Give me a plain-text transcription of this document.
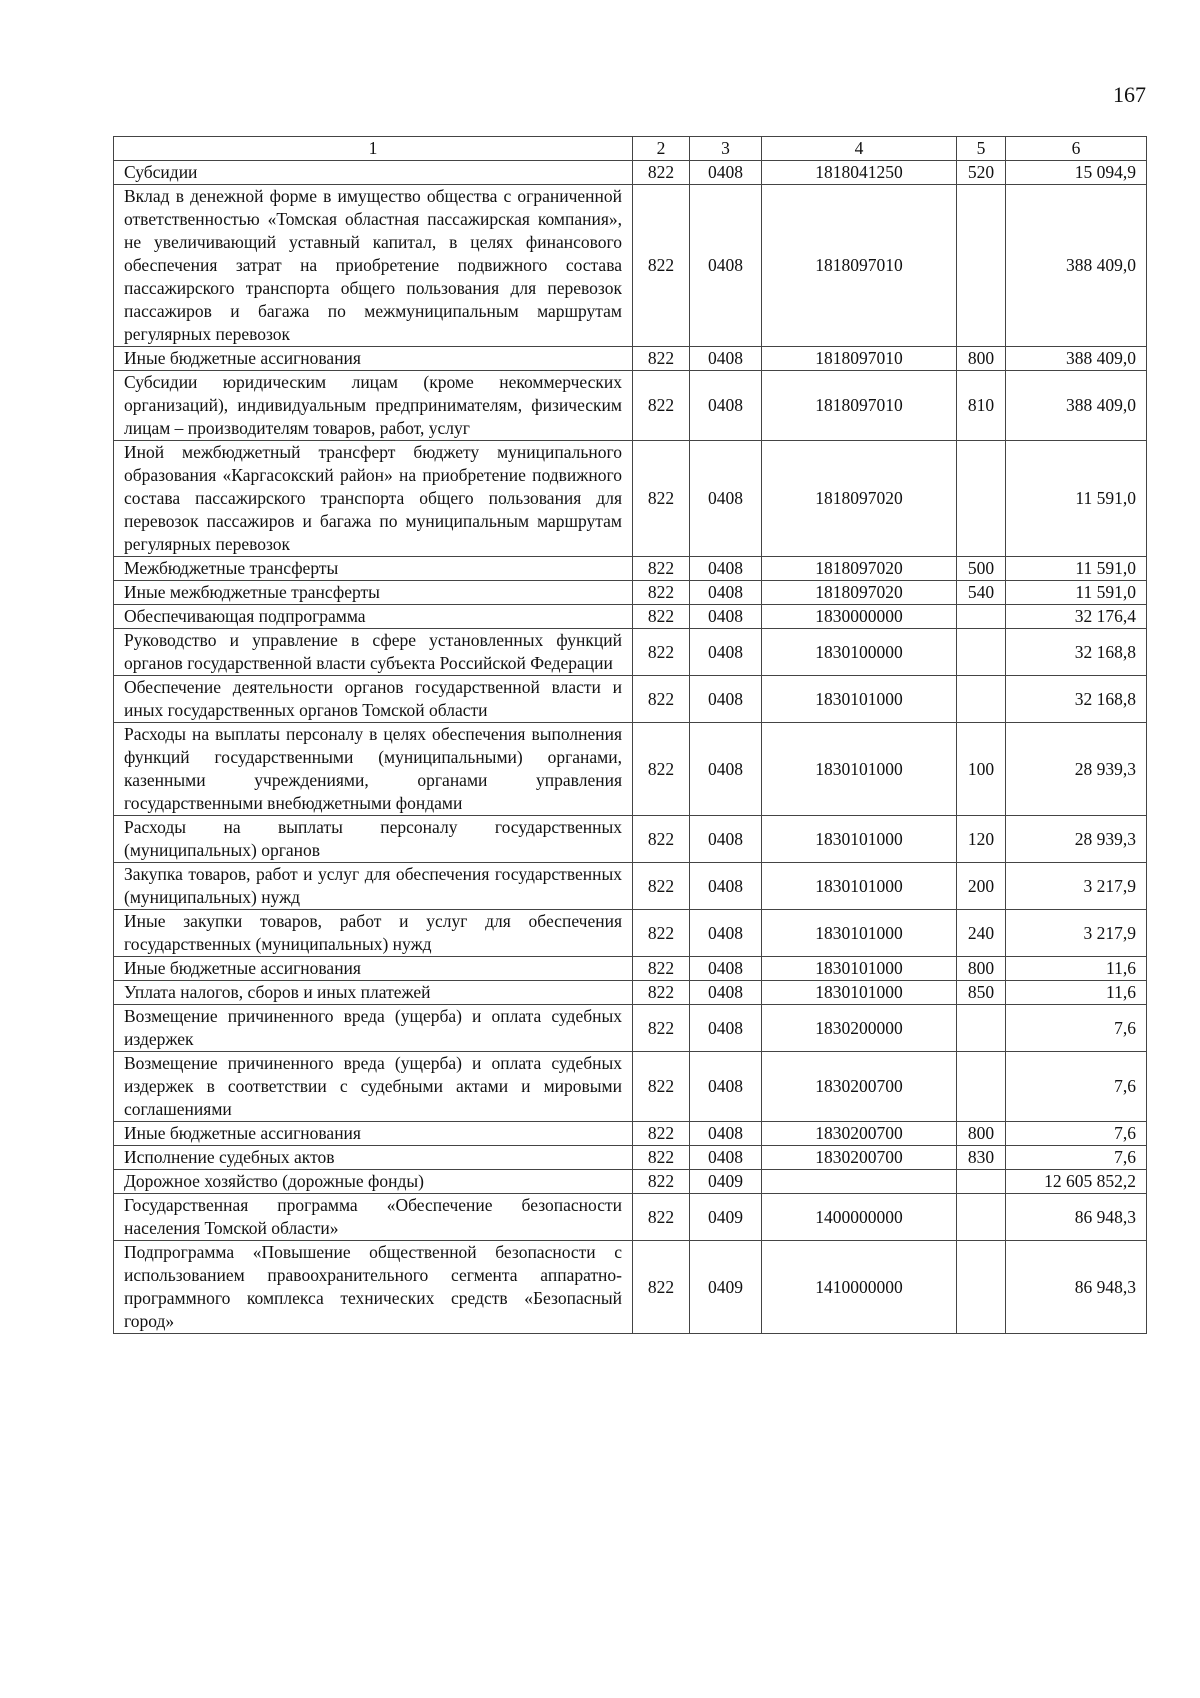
167
1	2	3	4	5	6
Субсидии	822	0408	1818041250	520	15 094,9
Вклад в денежной форме в имущество общества с ограниченной ответственностью «Томская областная пассажирская компания», не увеличивающий уставный капитал, в целях финансового обеспечения затрат на приобретение подвижного состава пассажирского транспорта общего пользования для перевозок пассажиров и багажа по межмуниципальным маршрутам регулярных перевозок	822	0408	1818097010		388 409,0
Иные бюджетные ассигнования	822	0408	1818097010	800	388 409,0
Субсидии юридическим лицам (кроме некоммерческих организаций), индивидуальным предпринимателям, физическим лицам – производителям товаров, работ, услуг	822	0408	1818097010	810	388 409,0
Иной межбюджетный трансферт бюджету муниципального образования «Каргасокский район» на приобретение подвижного состава пассажирского транспорта общего пользования для перевозок пассажиров и багажа по муниципальным маршрутам регулярных перевозок	822	0408	1818097020		11 591,0
Межбюджетные трансферты	822	0408	1818097020	500	11 591,0
Иные межбюджетные трансферты	822	0408	1818097020	540	11 591,0
Обеспечивающая подпрограмма	822	0408	1830000000		32 176,4
Руководство и управление в сфере установленных функций органов государственной власти субъекта Российской Федерации	822	0408	1830100000		32 168,8
Обеспечение деятельности органов государственной власти и иных государственных органов Томской области	822	0408	1830101000		32 168,8
Расходы на выплаты персоналу в целях обеспечения выполнения функций государственными (муниципальными) органами, казенными учреждениями, органами управления государственными внебюджетными фондами	822	0408	1830101000	100	28 939,3
Расходы на выплаты персоналу государственных (муниципальных) органов	822	0408	1830101000	120	28 939,3
Закупка товаров, работ и услуг для обеспечения государственных (муниципальных) нужд	822	0408	1830101000	200	3 217,9
Иные закупки товаров, работ и услуг для обеспечения государственных (муниципальных) нужд	822	0408	1830101000	240	3 217,9
Иные бюджетные ассигнования	822	0408	1830101000	800	11,6
Уплата налогов, сборов и иных платежей	822	0408	1830101000	850	11,6
Возмещение причиненного вреда (ущерба) и оплата судебных издержек	822	0408	1830200000		7,6
Возмещение причиненного вреда (ущерба) и оплата судебных издержек в соответствии с судебными актами и мировыми соглашениями	822	0408	1830200700		7,6
Иные бюджетные ассигнования	822	0408	1830200700	800	7,6
Исполнение судебных актов	822	0408	1830200700	830	7,6
Дорожное хозяйство (дорожные фонды)	822	0409			12 605 852,2
Государственная программа «Обеспечение безопасности населения Томской области»	822	0409	1400000000		86 948,3
Подпрограмма «Повышение общественной безопасности с использованием правоохранительного сегмента аппаратно-программного комплекса технических средств «Безопасный город»	822	0409	1410000000		86 948,3
